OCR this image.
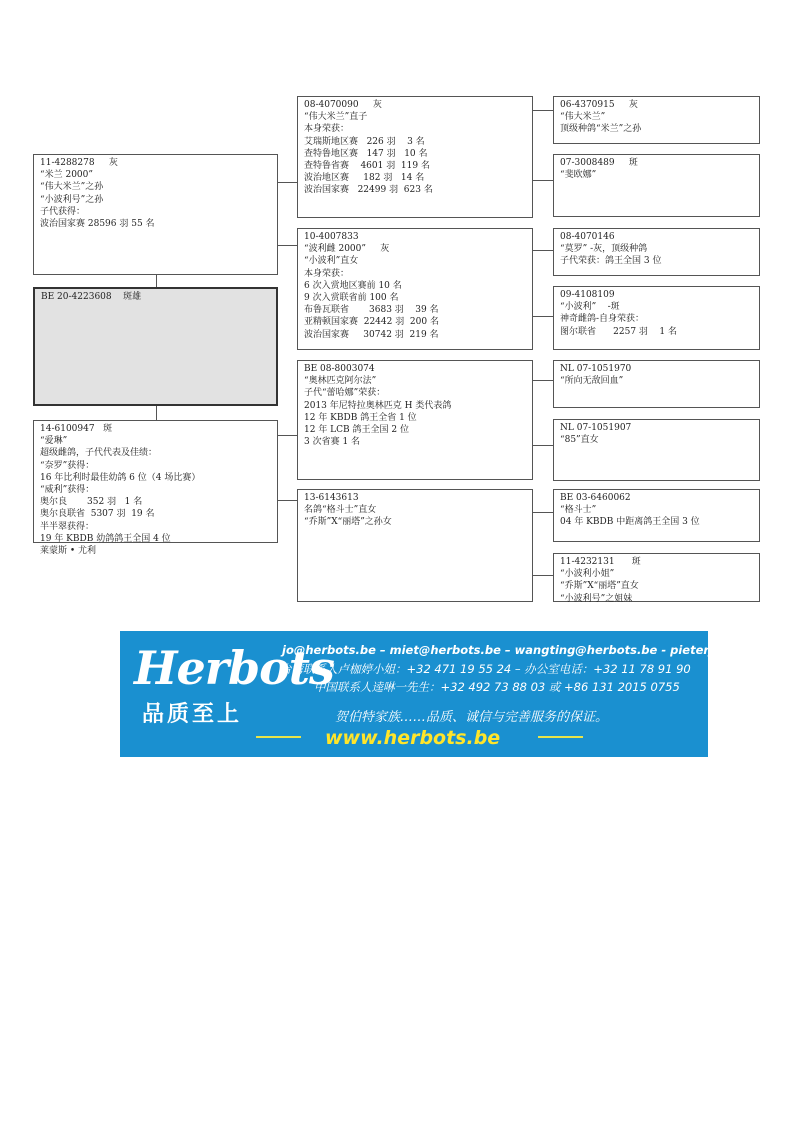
11-4288278     灰
“米兰 2000”
“伟大米兰”之孙
“小波利号”之孙
子代获得：
波治国家赛 28596 羽 55 名
BE 20-4223608    斑雄
14-6100947   斑
“爱琳”
超级雌鸽，子代代表及佳绩：
“奈罗”获得：
16 年比利时最佳幼鸽 6 位（4 场比赛）
“威利”获得：
奥尔良       352 羽   1 名
奥尔良联省  5307 羽  19 名
半半翠获得：
19 年 KBDB 幼鸽鸽王全国 4 位
莱蒙斯 • 尤利
08-4070090     灰
“伟大米兰”直子
本身荣获：
艾瑞斯地区赛   226 羽    3 名
查特鲁地区赛   147 羽   10 名
查特鲁省赛    4601 羽  119 名
波治地区赛     182 羽   14 名
波治国家赛   22499 羽  623 名
10-4007833
“波利雌 2000”     灰
“小波利”直女
本身荣获：
6 次入赏地区赛前 10 名
9 次入赏联省前 100 名
布鲁瓦联省       3683 羽    39 名
亚精顿国家赛  22442 羽  200 名
波治国家赛     30742 羽  219 名
BE 08-8003074
“奥林匹克阿尔法”
子代“蕾哈娜”荣获：
2013 年尼特拉奥林匹克 H 类代表鸽
12 年 KBDB 鸽王全省 1 位
12 年 LCB 鸽王全国 2 位
3 次省赛 1 名
13-6143613
名鸽“格斗士”直女
“乔斯”X“丽塔”之孙女
06-4370915     灰
“伟大米兰”
顶级种鸽“米兰”之孙
07-3008489     斑
“斐欧娜”
08-4070146
“莫罗” -灰，顶级种鸽
子代荣获：鸽王全国 3 位
09-4108109
“小波利”    -斑
神奇雌鸽-自身荣获：
图尔联省      2257 羽    1 名
NL 07-1051970
“所向无敌回血”
NL 07-1051907
“85”直女
BE 03-6460062
“格斗士”
04 年 KBDB 中距离鸽王全国 3 位
11-4232131      斑
“小波利小姐”
“乔斯”X“丽塔”直女
“小波利号”之姐妹
Herbots
品质至上
jo@herbots.be – miet@herbots.be – wangting@herbots.be - pieterjan@herbots.be
台湾联系人卢枷婷小姐：+32 471 19 55 24 – 办公室电话：+32 11 78 91 90
中国联系人逵啉一先生：+32 492 73 88 03 或 +86 131 2015 0755
贺伯特家族……品质、诚信与完善服务的保证。
www.herbots.be
